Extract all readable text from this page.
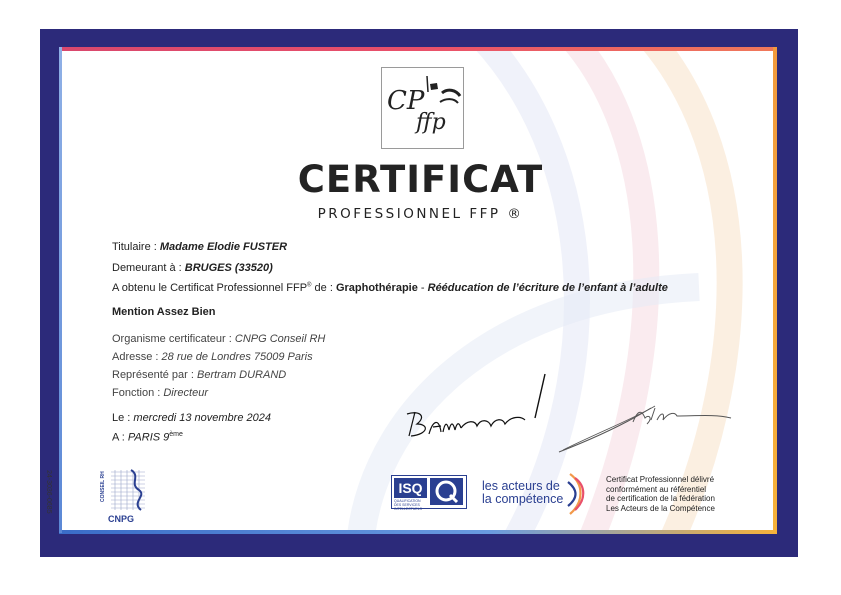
CP
ffp
CERTIFICAT
PROFESSIONNEL FFP ®
Titulaire : Madame Elodie FUSTER
Demeurant à : BRUGES (33520)
A obtenu le Certificat Professionnel FFP® de : Graphothérapie - Rééducation de l’écriture de l’enfant à l’adulte
Mention Assez Bien
Organisme certificateur : CNPG Conseil RH
Adresse : 28 rue de Londres 75009 Paris
Représenté par : Bertram DURAND
Fonction : Directeur
Le : mercredi 13 novembre 2024
A : PARIS 9ème
24-3036-0685	CONSEIL RH
CNPG
ISQ
QUALIFICATION DES SERVICES INTELLECTUELS
les acteurs de
la compétence
Certificat Professionnel délivré
conformément au référentiel
de certification de la fédération
Les Acteurs de la Compétence
